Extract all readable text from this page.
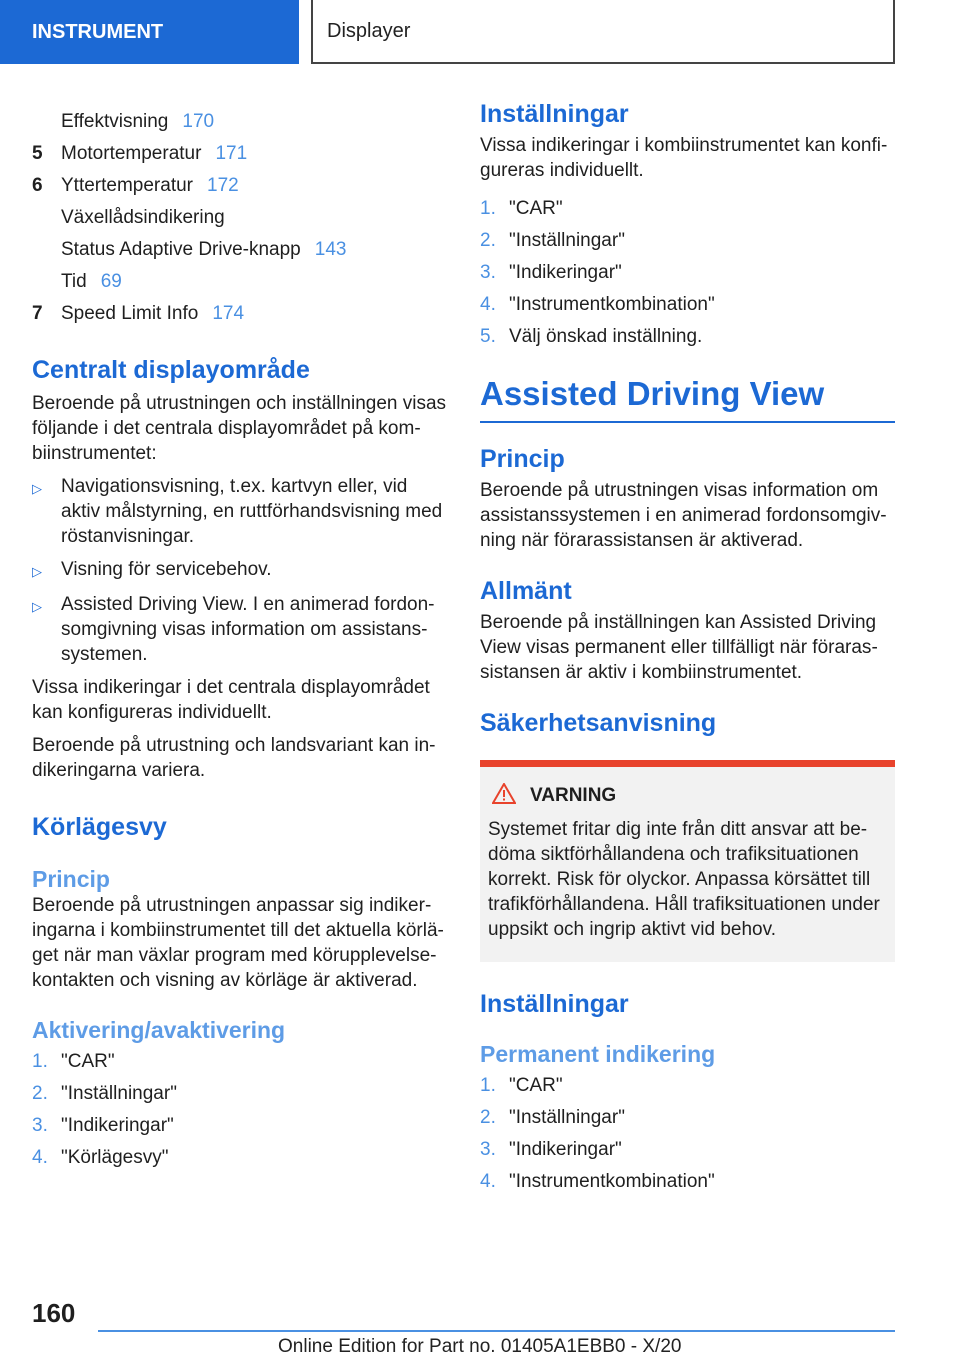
INSTRUMENT	Displayer
Effektvisning 170
5 Motortemperatur 171
6 Yttertemperatur 172
Växellådsindikering
Status Adaptive Drive-knapp 143
Tid 69
7 Speed Limit Info 174
Centralt displayområde
Beroende på utrustningen och inställningen visas följande i det centrala displayområdet på kombiinstrumentet:
▷	Navigationsvisning, t.ex. kartvyn eller, vid aktiv målstyrning, en ruttförhandsvisning med röstanvisningar.
▷	Visning för servicebehov.
▷	Assisted Driving View. I en animerad fordonsomgivning visas information om assistanssystemen.
Vissa indikeringar i det centrala displayområdet kan konfigureras individuellt.
Beroende på utrustning och landsvariant kan indikeringarna variera.
Körlägesvy
Princip
Beroende på utrustningen anpassar sig indikeringarna i kombiinstrumentet till det aktuella körläget när man växlar program med körupplevelsekontakten och visning av körläge är aktiverad.
Aktivering/avaktivering
1. "CAR"
2. "Inställningar"
3. "Indikeringar"
4. "Körlägesvy"
Inställningar
Vissa indikeringar i kombiinstrumentet kan konfigureras individuellt.
1. "CAR"
2. "Inställningar"
3. "Indikeringar"
4. "Instrumentkombination"
5. Välj önskad inställning.
Assisted Driving View
Princip
Beroende på utrustningen visas information om assistanssystemen i en animerad fordonsomgivning när förarassistansen är aktiverad.
Allmänt
Beroende på inställningen kan Assisted Driving View visas permanent eller tillfälligt när förarassistansen är aktiv i kombiinstrumentet.
Säkerhetsanvisning
VARNING
Systemet fritar dig inte från ditt ansvar att bedöma siktförhållandena och trafiksituationen korrekt. Risk för olyckor. Anpassa körsättet till trafikförhållandena. Håll trafiksituationen under uppsikt och ingrip aktivt vid behov.
Inställningar
Permanent indikering
1. "CAR"
2. "Inställningar"
3. "Indikeringar"
4. "Instrumentkombination"
160
Online Edition for Part no. 01405A1EBB0 - X/20
